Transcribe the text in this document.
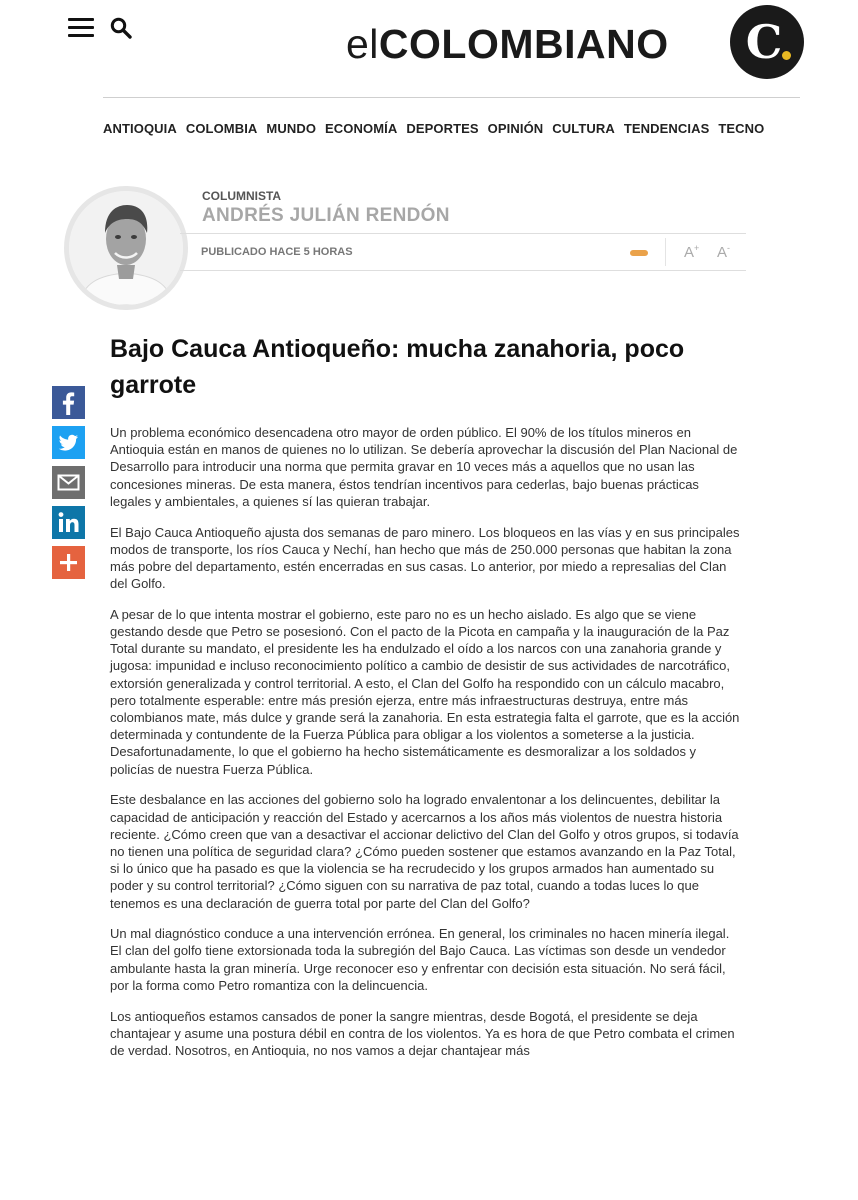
elCOLOMBIANO C
ANTIOQUIA COLOMBIA MUNDO ECONOMÍA DEPORTES OPINIÓN CULTURA TENDENCIAS TECNO
COLUMNISTA
ANDRÉS JULIÁN RENDÓN
PUBLICADO HACE 5 HORAS	A+ A-
Bajo Cauca Antioqueño: mucha zanahoria, poco garrote

Un problema económico desencadena otro mayor de orden público. El 90% de los títulos mineros en Antioquia están en manos de quienes no lo utilizan. Se debería aprovechar la discusión del Plan Nacional de Desarrollo para introducir una norma que permita gravar en 10 veces más a aquellos que no usan las concesiones mineras. De esta manera, éstos tendrían incentivos para cederlas, bajo buenas prácticas legales y ambientales, a quienes sí las quieran trabajar.

El Bajo Cauca Antioqueño ajusta dos semanas de paro minero. Los bloqueos en las vías y en sus principales modos de transporte, los ríos Cauca y Nechí, han hecho que más de 250.000 personas que habitan la zona más pobre del departamento, estén encerradas en sus casas. Lo anterior, por miedo a represalias del Clan del Golfo.

A pesar de lo que intenta mostrar el gobierno, este paro no es un hecho aislado. Es algo que se viene gestando desde que Petro se posesionó. Con el pacto de la Picota en campaña y la inauguración de la Paz Total durante su mandato, el presidente les ha endulzado el oído a los narcos con una zanahoria grande y jugosa: impunidad e incluso reconocimiento político a cambio de desistir de sus actividades de narcotráfico, extorsión generalizada y control territorial. A esto, el Clan del Golfo ha respondido con un cálculo macabro, pero totalmente esperable: entre más presión ejerza, entre más infraestructuras destruya, entre más colombianos mate, más dulce y grande será la zanahoria. En esta estrategia falta el garrote, que es la acción determinada y contundente de la Fuerza Pública para obligar a los violentos a someterse a la justicia. Desafortunadamente, lo que el gobierno ha hecho sistemáticamente es desmoralizar a los soldados y policías de nuestra Fuerza Pública.

Este desbalance en las acciones del gobierno solo ha logrado envalentonar a los delincuentes, debilitar la capacidad de anticipación y reacción del Estado y acercarnos a los años más violentos de nuestra historia reciente. ¿Cómo creen que van a desactivar el accionar delictivo del Clan del Golfo y otros grupos, si todavía no tienen una política de seguridad clara? ¿Cómo pueden sostener que estamos avanzando en la Paz Total, si lo único que ha pasado es que la violencia se ha recrudecido y los grupos armados han aumentado su poder y su control territorial? ¿Cómo siguen con su narrativa de paz total, cuando a todas luces lo que tenemos es una declaración de guerra total por parte del Clan del Golfo?

Un mal diagnóstico conduce a una intervención errónea. En general, los criminales no hacen minería ilegal. El clan del golfo tiene extorsionada toda la subregión del Bajo Cauca. Las víctimas son desde un vendedor ambulante hasta la gran minería. Urge reconocer eso y enfrentar con decisión esta situación. No será fácil, por la forma como Petro romantiza con la delincuencia.

Los antioqueños estamos cansados de poner la sangre mientras, desde Bogotá, el presidente se deja chantajear y asume una postura débil en contra de los violentos. Ya es hora de que Petro combata el crimen de verdad. Nosotros, en Antioquia, no nos vamos a dejar chantajear más
